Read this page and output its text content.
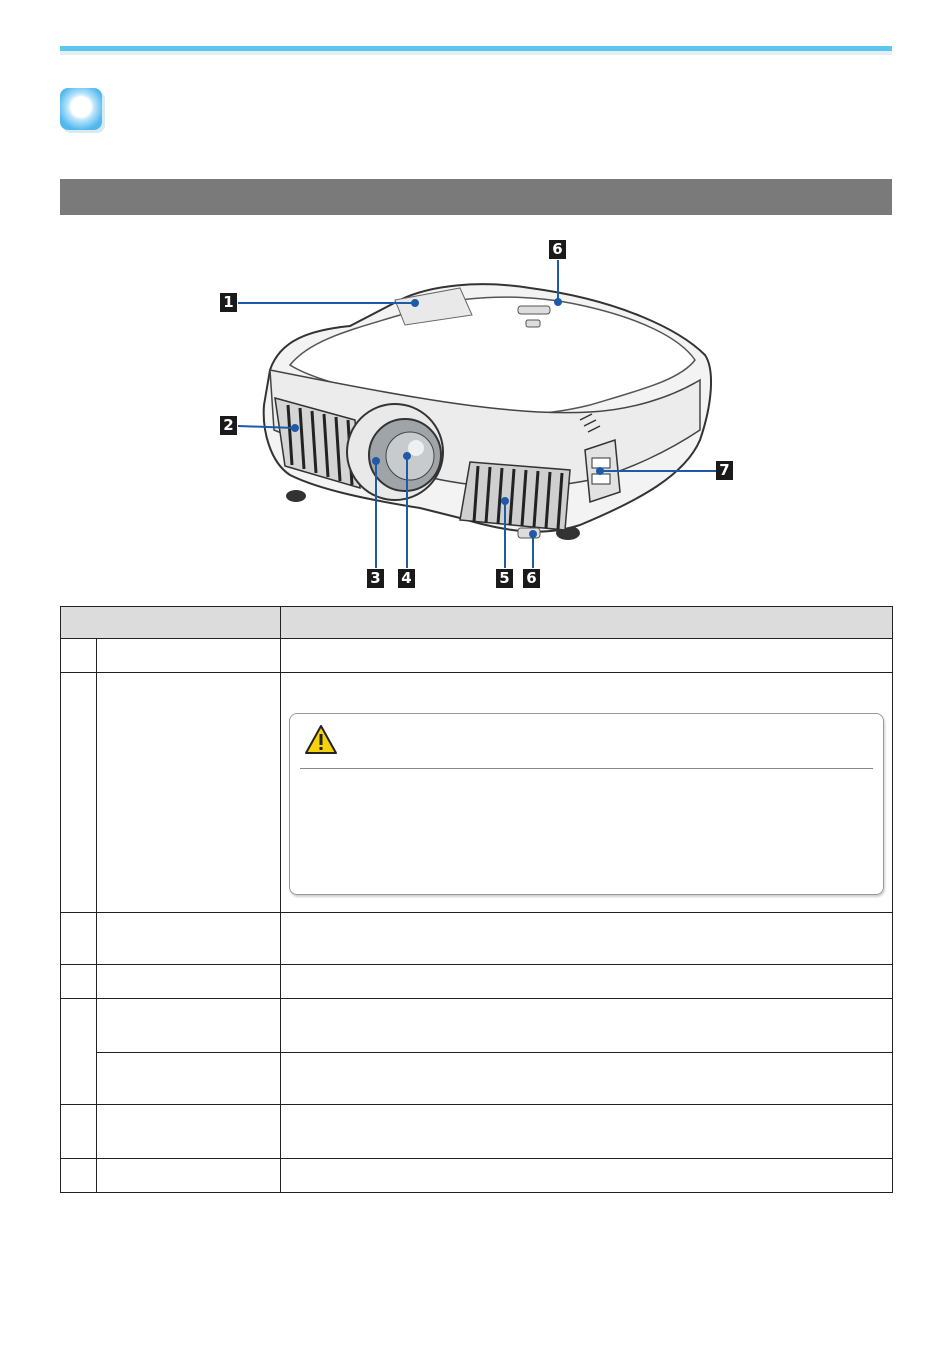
1
2
3 4	5 6
6
7
